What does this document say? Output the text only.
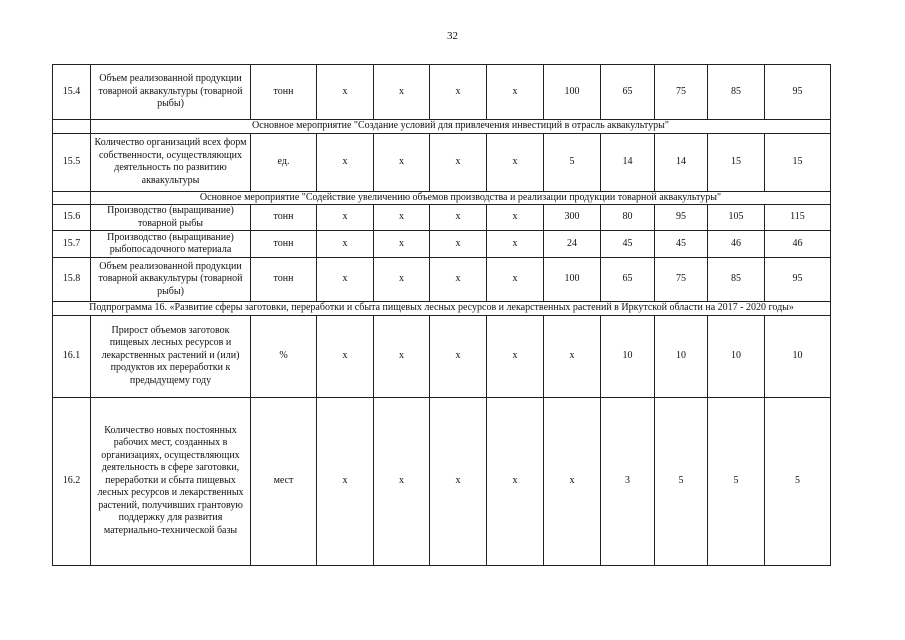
32
15.4	Объем реализованной продукции товарной аквакультуры (товарной рыбы)	тонн	x	x	x	x	100	65	75	85	95
	Основное мероприятие "Создание условий для привлечения инвестиций в отрасль аквакультуры"										
15.5	Количество организаций всех форм собственности, осуществляющих деятельность по развитию аквакультуры	ед.	x	x	x	x	5	14	14	15	15
	Основное мероприятие "Содействие увеличению объемов производства и реализации продукции товарной аквакультуры"										
15.6	Производство (выращивание) товарной рыбы	тонн	x	x	x	x	300	80	95	105	115
15.7	Производство (выращивание) рыбопосадочного материала	тонн	x	x	x	x	24	45	45	46	46
15.8	Объем реализованной продукции товарной аквакультуры (товарной рыбы)	тонн	x	x	x	x	100	65	75	85	95
Подпрограмма 16. «Развитие сферы заготовки, переработки и сбыта пищевых лесных ресурсов и лекарственных растений в Иркутской области на 2017 - 2020 годы»											
16.1	Прирост объемов заготовок пищевых лесных ресурсов и лекарственных растений и (или) продуктов их переработки к предыдущему году	%	x	x	x	x	x	10	10	10	10
16.2	Количество новых постоянных рабочих мест, созданных в организациях, осуществляющих деятельность в сфере заготовки, переработки и сбыта пищевых лесных ресурсов и лекарственных растений, получивших грантовую поддержку для развития материально-технической базы	мест	x	x	x	x	x	3	5	5	5
